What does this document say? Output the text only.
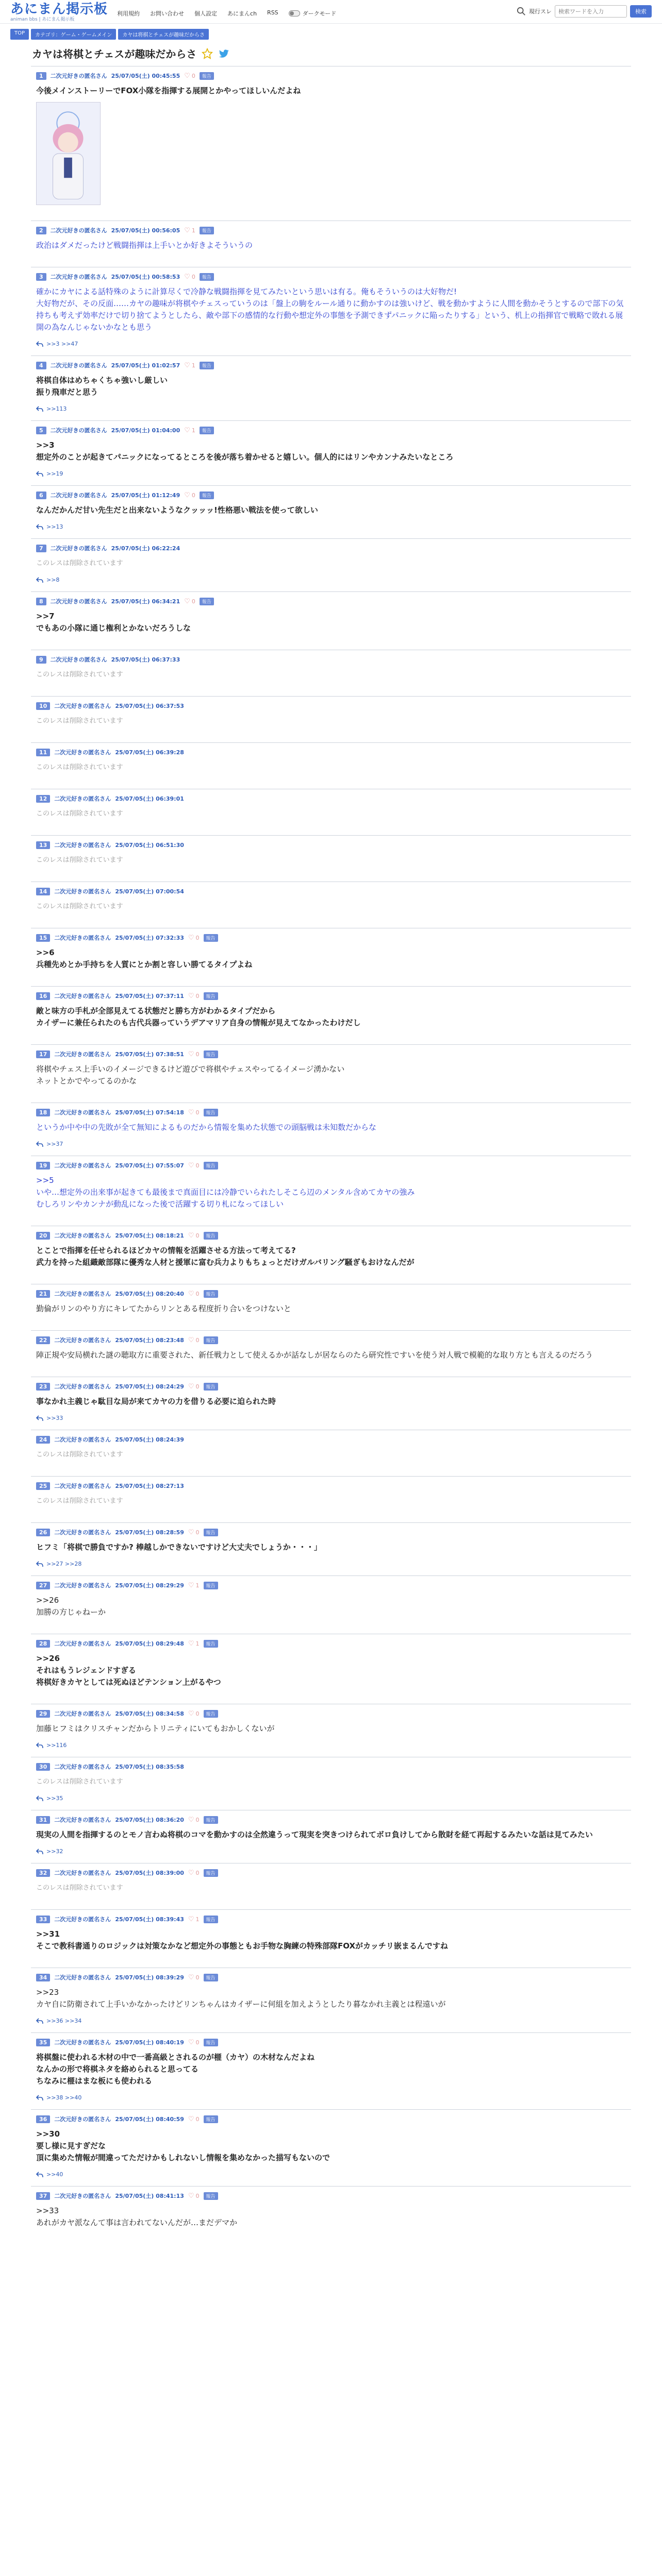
あにまん掲示板
animan bbs | あにまん掲示板
利用規約 お問い合わせ 個人設定 あにまんch RSS	ダークモード	現行スレ
検索ワードを入力	検索
TOP	カテゴリ：ゲーム・ゲームメイン	カヤは将棋とチェスが趣味だからさ
カヤは将棋とチェスが趣味だからさ
1	二次元好きの匿名さん 25/07/05(土) 00:45:55 ♡ 0	報告
今後メインストーリーでFOX小隊を指揮する展開とかやってほしいんだよね
2	二次元好きの匿名さん 25/07/05(土) 00:56:05 ♡ 1	報告
政治はダメだったけど戦闘指揮は上手いとか好きよそういうの
3	二次元好きの匿名さん 25/07/05(土) 00:58:53 ♡ 0	報告
確かにカヤによる話特殊のように計算尽くで冷静な戦闘指揮を見てみたいという思いは有る。俺もそういうのは大好物だ!
大好物だが、その反面……カヤの趣味が将棋やチェスっていうのは「盤上の駒をルール通りに動かすのは強いけど、戦を動かすように人間を動かそうとするので部下の気持ちも考えず効率だけで切り捨てようとしたら、敵や部下の感情的な行動や想定外の事態を予測できずパニックに陥ったりする」という、机上の指揮官で戦略で敗れる展開の為なんじゃないかなとも思う
>>3 >>47
4	二次元好きの匿名さん 25/07/05(土) 01:02:57 ♡ 1	報告
将棋自体はめちゃくちゃ強いし厳しい
振り飛車だと思う
>>113
5	二次元好きの匿名さん 25/07/05(土) 01:04:00 ♡ 1	報告
>>3
想定外のことが起きてパニックになってるところを後が落ち着かせると嬉しい。個人的にはリンやカンナみたいなところ
>>19
6	二次元好きの匿名さん 25/07/05(土) 01:12:49 ♡ 0	報告
なんだかんだ甘い先生だと出来ないようなクッッッ!性格悪い戦法を使って欲しい
>>13
7	二次元好きの匿名さん 25/07/05(土) 06:22:24
このレスは削除されています
>>8
8	二次元好きの匿名さん 25/07/05(土) 06:34:21 ♡ 0	報告
>>7
でもあの小隊に通じ権利とかないだろうしな
9	二次元好きの匿名さん 25/07/05(土) 06:37:33
このレスは削除されています
10	二次元好きの匿名さん 25/07/05(土) 06:37:53
このレスは削除されています
11	二次元好きの匿名さん 25/07/05(土) 06:39:28
このレスは削除されています
12	二次元好きの匿名さん 25/07/05(土) 06:39:01
このレスは削除されています
13	二次元好きの匿名さん 25/07/05(土) 06:51:30
このレスは削除されています
14	二次元好きの匿名さん 25/07/05(土) 07:00:54
このレスは削除されています
15	二次元好きの匿名さん 25/07/05(土) 07:32:33 ♡ 0	報告
>>6
兵種先めとか手持ちを人質にとか割と容しい勝てるタイプよね
16	二次元好きの匿名さん 25/07/05(土) 07:37:11 ♡ 0	報告
敵と味方の手札が全部見えてる状態だと勝ち方がわかるタイプだから
カイザーに兼任られたのも古代兵器っていうデアマリア自身の情報が見えてなかったわけだし
17	二次元好きの匿名さん 25/07/05(土) 07:38:51 ♡ 0	報告
将棋やチェス上手いのイメージできるけど遊びで将棋やチェスやってるイメージ湧かない
ネットとかでやってるのかな
18	二次元好きの匿名さん 25/07/05(土) 07:54:18 ♡ 0	報告
というか中や中の先敗が全て無知によるものだから情報を集めた状態での頭脳戦は未知数だからな
>>37
19	二次元好きの匿名さん 25/07/05(土) 07:55:07 ♡ 0	報告
>>5
いや…想定外の出来事が起きても最後まで真面目には冷静でいられたしそこら辺のメンタル含めてカヤの強み
むしろリンやカンナが動乱になった後で活躍する切り札になってほしい
20	二次元好きの匿名さん 25/07/05(土) 08:18:21 ♡ 0	報告
とことで指揮を任せられるほどカヤの情報を活躍させる方法って考えてる?
武力を持った組織敵部隊に優秀な人材と援軍に富む兵力よりもちょっとだけガルバリング騒ぎもおけなんだが
21	二次元好きの匿名さん 25/07/05(土) 08:20:40 ♡ 0	報告
勤倫がリンのやり方にキレてたからリンとある程度折り合いをつけないと
22	二次元好きの匿名さん 25/07/05(土) 08:23:48 ♡ 0	報告
陣正規や安局横れた謎の聴取方に重要された、新任戦力として使えるかが話なしが居ならのたら研究性ですいを使う対人戦で模範的な取り方とも言えるのだろう
23	二次元好きの匿名さん 25/07/05(土) 08:24:29 ♡ 0	報告
事なかれ主義じゃ駄目な局が来てカヤの力を借りる必要に迫られた時
>>33
24	二次元好きの匿名さん 25/07/05(土) 08:24:39
このレスは削除されています
25	二次元好きの匿名さん 25/07/05(土) 08:27:13
このレスは削除されています
26	二次元好きの匿名さん 25/07/05(土) 08:28:59 ♡ 0	報告
ヒフミ「将棋で勝負ですか? 棒越しかできないですけど大丈夫でしょうか・・・」
>>27 >>28
27	二次元好きの匿名さん 25/07/05(土) 08:29:29 ♡ 1	報告
>>26
加勝の方じゃねーか
28	二次元好きの匿名さん 25/07/05(土) 08:29:48 ♡ 1	報告
>>26
それはもうレジェンドすぎる
将棋好きカヤとしては死ぬほどテンション上がるやつ
29	二次元好きの匿名さん 25/07/05(土) 08:34:58 ♡ 0	報告
加藤ヒフミはクリスチャンだからトリニティにいてもおかしくないが
>>116
30	二次元好きの匿名さん 25/07/05(土) 08:35:58
このレスは削除されています
>>35
31	二次元好きの匿名さん 25/07/05(土) 08:36:20 ♡ 0	報告
現実の人間を指揮するのとモノ言わぬ将棋のコマを動かすのは全然違うって現実を突きつけられてボロ負けしてから散財を経て再起するみたいな話は見てみたい
>>32
32	二次元好きの匿名さん 25/07/05(土) 08:39:00 ♡ 0	報告
このレスは削除されています
33	二次元好きの匿名さん 25/07/05(土) 08:39:43 ♡ 1	報告
>>31
そこで教科書通りのロジックは対策なかなど想定外の事態ともお手物な胸練の特殊部隊FOXがカッチリ嵌まるんですね
34	二次元好きの匿名さん 25/07/05(土) 08:39:29 ♡ 0	報告
>>23
カヤ自に防衛されて上手いかなかったけどリンちゃんはカイザーに何組を加えようとしたり暮なかれ主義とは程遠いが
>>36 >>34
35	二次元好きの匿名さん 25/07/05(土) 08:40:19 ♡ 0	報告
将棋盤に使われる木材の中で一番高級とされるのが榧（カヤ）の木材なんだよね
なんかの形で将棋ネタを絡められると思ってる
ちなみに榧はまな板にも使われる
>>38 >>40
36	二次元好きの匿名さん 25/07/05(土) 08:40:59 ♡ 0	報告
>>30
要し様に見すぎだな
頂に集めた情報が間違ってただけかもしれないし情報を集めなかった描写もないので
>>40
37	二次元好きの匿名さん 25/07/05(土) 08:41:13 ♡ 0	報告
>>33
あれがカヤ派なんて事は言われてないんだが…まだデマか
